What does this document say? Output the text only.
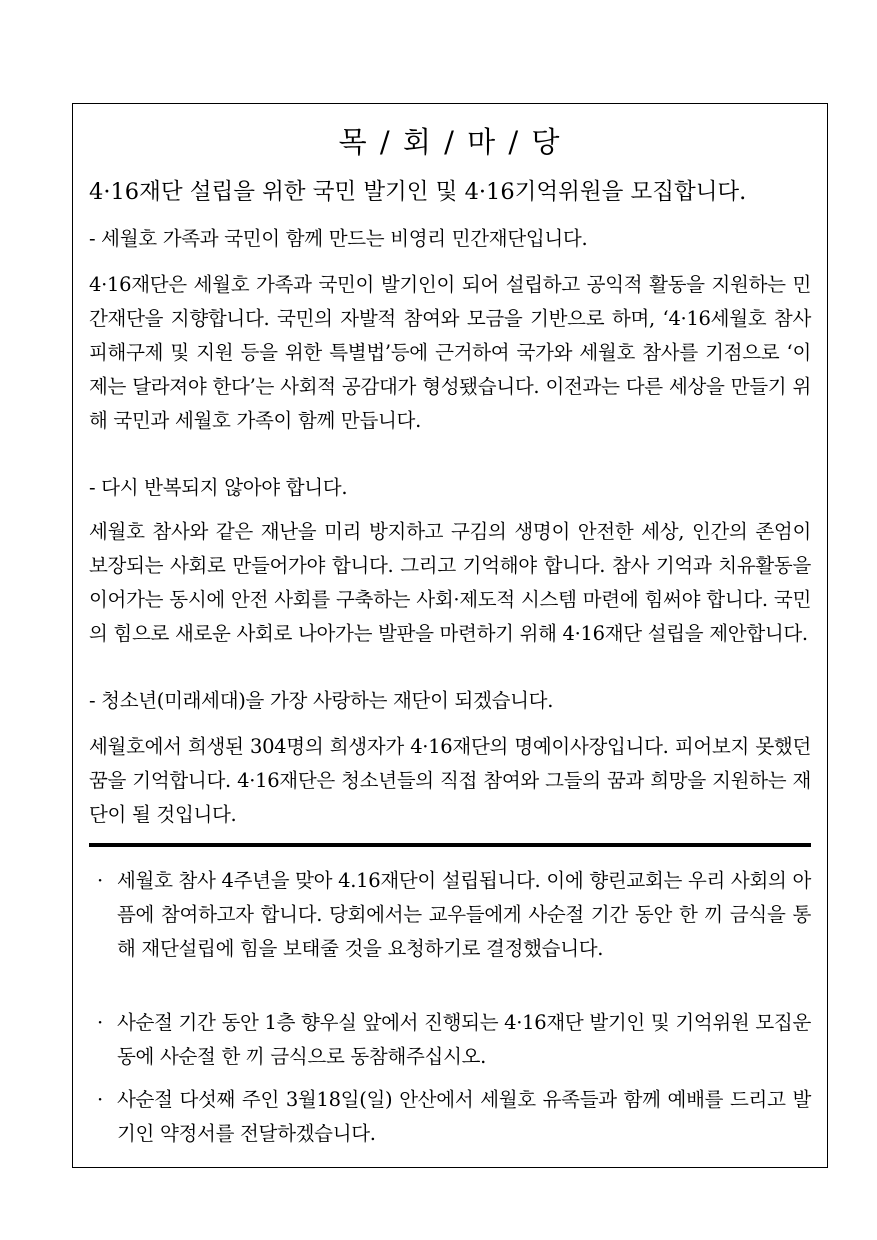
목 / 회 / 마 / 당
4·16재단 설립을 위한 국민 발기인 및 4·16기억위원을 모집합니다.
- 세월호 가족과 국민이 함께 만드는 비영리 민간재단입니다.
4·16재단은 세월호 가족과 국민이 발기인이 되어 설립하고 공익적 활동을 지원하는 민간재단을 지향합니다. 국민의 자발적 참여와 모금을 기반으로 하며, ‘4·16세월호 참사 피해구제 및 지원 등을 위한 특별법’등에 근거하여 국가와 세월호 참사를 기점으로 ‘이제는 달라져야 한다’는 사회적 공감대가 형성됐습니다. 이전과는 다른 세상을 만들기 위해 국민과 세월호 가족이 함께 만듭니다.
- 다시 반복되지 않아야 합니다.
세월호 참사와 같은 재난을 미리 방지하고 구김의 생명이 안전한 세상, 인간의 존엄이 보장되는 사회로 만들어가야 합니다. 그리고 기억해야 합니다. 참사 기억과 치유활동을 이어가는 동시에 안전 사회를 구축하는 사회·제도적 시스템 마련에 힘써야 합니다. 국민의 힘으로 새로운 사회로 나아가는 발판을 마련하기 위해 4·16재단 설립을 제안합니다.
- 청소년(미래세대)을 가장 사랑하는 재단이 되겠습니다.
세월호에서 희생된 304명의 희생자가 4·16재단의 명예이사장입니다. 피어보지 못했던 꿈을 기억합니다. 4·16재단은 청소년들의 직접 참여와 그들의 꿈과 희망을 지원하는 재단이 될 것입니다.
· 세월호 참사 4주년을 맞아 4.16재단이 설립됩니다. 이에 향린교회는 우리 사회의 아픔에 참여하고자 합니다. 당회에서는 교우들에게 사순절 기간 동안 한 끼 금식을 통해 재단설립에 힘을 보태줄 것을 요청하기로 결정했습니다.
· 사순절 기간 동안 1층 향우실 앞에서 진행되는 4·16재단 발기인 및 기억위원 모집운동에 사순절 한 끼 금식으로 동참해주십시오.
· 사순절 다섯째 주인 3월18일(일) 안산에서 세월호 유족들과 함께 예배를 드리고 발기인 약정서를 전달하겠습니다.
